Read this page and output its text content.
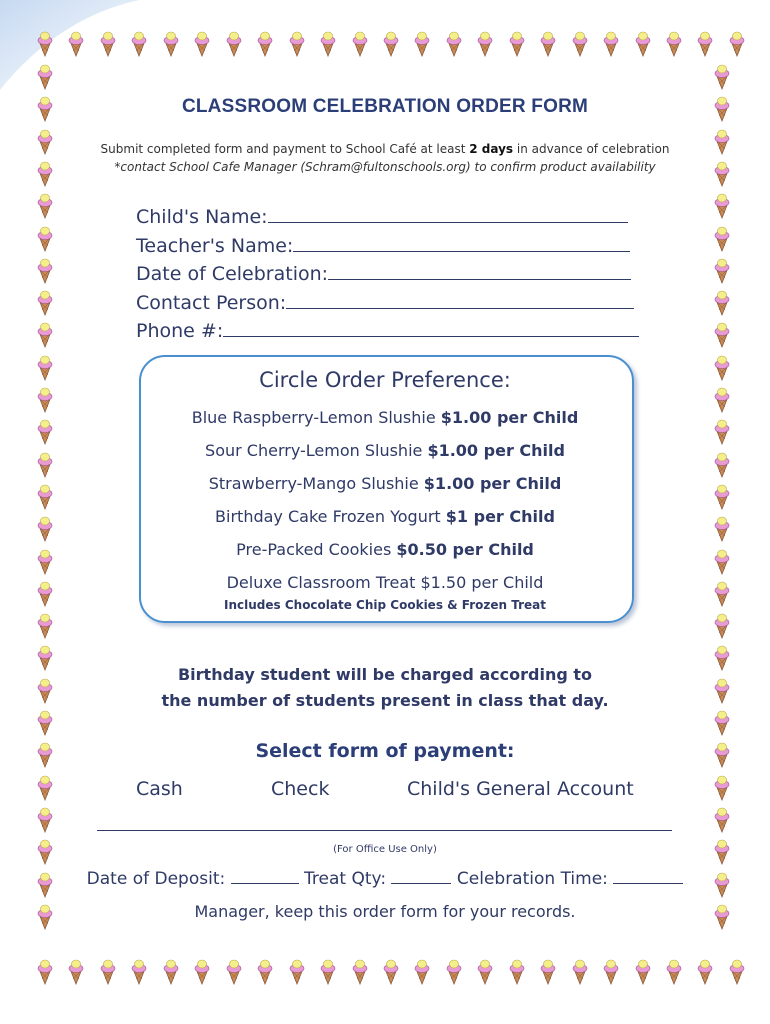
CLASSROOM CELEBRATION ORDER FORM
Submit completed form and payment to School Café at least 2 days in advance of celebration
*contact School Cafe Manager (Schram@fultonschools.org) to confirm product availability
Child's Name:
Teacher's Name:
Date of Celebration:
Contact Person:
Phone #:
Circle Order Preference:
Blue Raspberry-Lemon Slushie $1.00 per Child
Sour Cherry-Lemon Slushie $1.00 per Child
Strawberry-Mango Slushie $1.00 per Child
Birthday Cake Frozen Yogurt $1 per Child
Pre-Packed Cookies $0.50 per Child
Deluxe Classroom Treat $1.50 per Child
Includes Chocolate Chip Cookies & Frozen Treat
Birthday student will be charged according to
the number of students present in class that day.
Select form of payment:
Cash	Check	Child's General Account
(For Office Use Only)
Date of Deposit:	Treat Qty:	Celebration Time:
Manager, keep this order form for your records.
